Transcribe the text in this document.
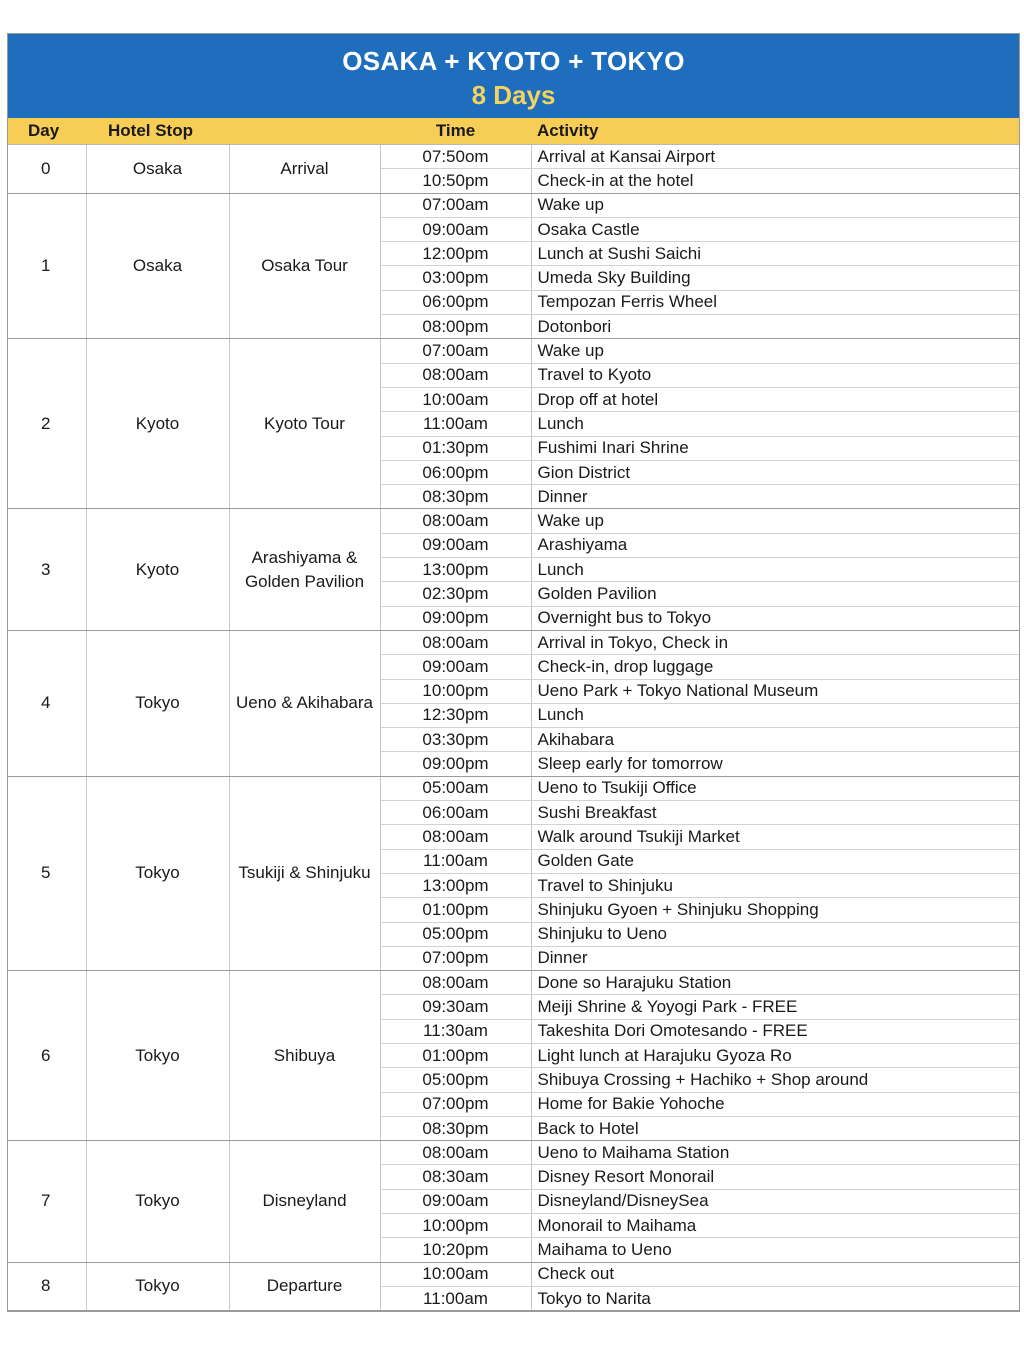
OSAKA + KYOTO + TOKYO
8 Days
Day	Hotel Stop		Time	Activity
0	Osaka	Arrival	07:50om	Arrival at Kansai Airport
			10:50pm	Check-in at the hotel
1	Osaka	Osaka Tour	07:00am	Wake up
			09:00am	Osaka Castle
			12:00pm	Lunch at Sushi Saichi
			03:00pm	Umeda Sky Building
			06:00pm	Tempozan Ferris Wheel
			08:00pm	Dotonbori
2	Kyoto	Kyoto Tour	07:00am	Wake up
			08:00am	Travel to Kyoto
			10:00am	Drop off at hotel
			11:00am	Lunch
			01:30pm	Fushimi Inari Shrine
			06:00pm	Gion District
			08:30pm	Dinner
3	Kyoto	Arashiyama & Golden Pavilion	08:00am	Wake up
			09:00am	Arashiyama
			13:00pm	Lunch
			02:30pm	Golden Pavilion
			09:00pm	Overnight bus to Tokyo
4	Tokyo	Ueno & Akihabara	08:00am	Arrival in Tokyo, Check in
			09:00am	Check-in, drop luggage
			10:00pm	Ueno Park + Tokyo National Museum
			12:30pm	Lunch
			03:30pm	Akihabara
			09:00pm	Sleep early for tomorrow
5	Tokyo	Tsukiji & Shinjuku	05:00am	Ueno to Tsukiji Office
			06:00am	Sushi Breakfast
			08:00am	Walk around Tsukiji Market
			11:00am	Golden Gate
			13:00pm	Travel to Shinjuku
			01:00pm	Shinjuku Gyoen + Shinjuku Shopping
			05:00pm	Shinjuku to Ueno
			07:00pm	Dinner
6	Tokyo	Shibuya	08:00am	Done so Harajuku Station
			09:30am	Meiji Shrine & Yoyogi Park - FREE
			11:30am	Takeshita Dori Omotesando - FREE
			01:00pm	Light lunch at Harajuku Gyoza Ro
			05:00pm	Shibuya Crossing + Hachiko + Shop around
			07:00pm	Home for Bakie Yohoche
			08:30pm	Back to Hotel
7	Tokyo	Disneyland	08:00am	Ueno to Maihama Station
			08:30am	Disney Resort Monorail
			09:00am	Disneyland/DisneySea
			10:00pm	Monorail to Maihama
			10:20pm	Maihama to Ueno
8	Tokyo	Departure	10:00am	Check out
			11:00am	Tokyo to Narita
